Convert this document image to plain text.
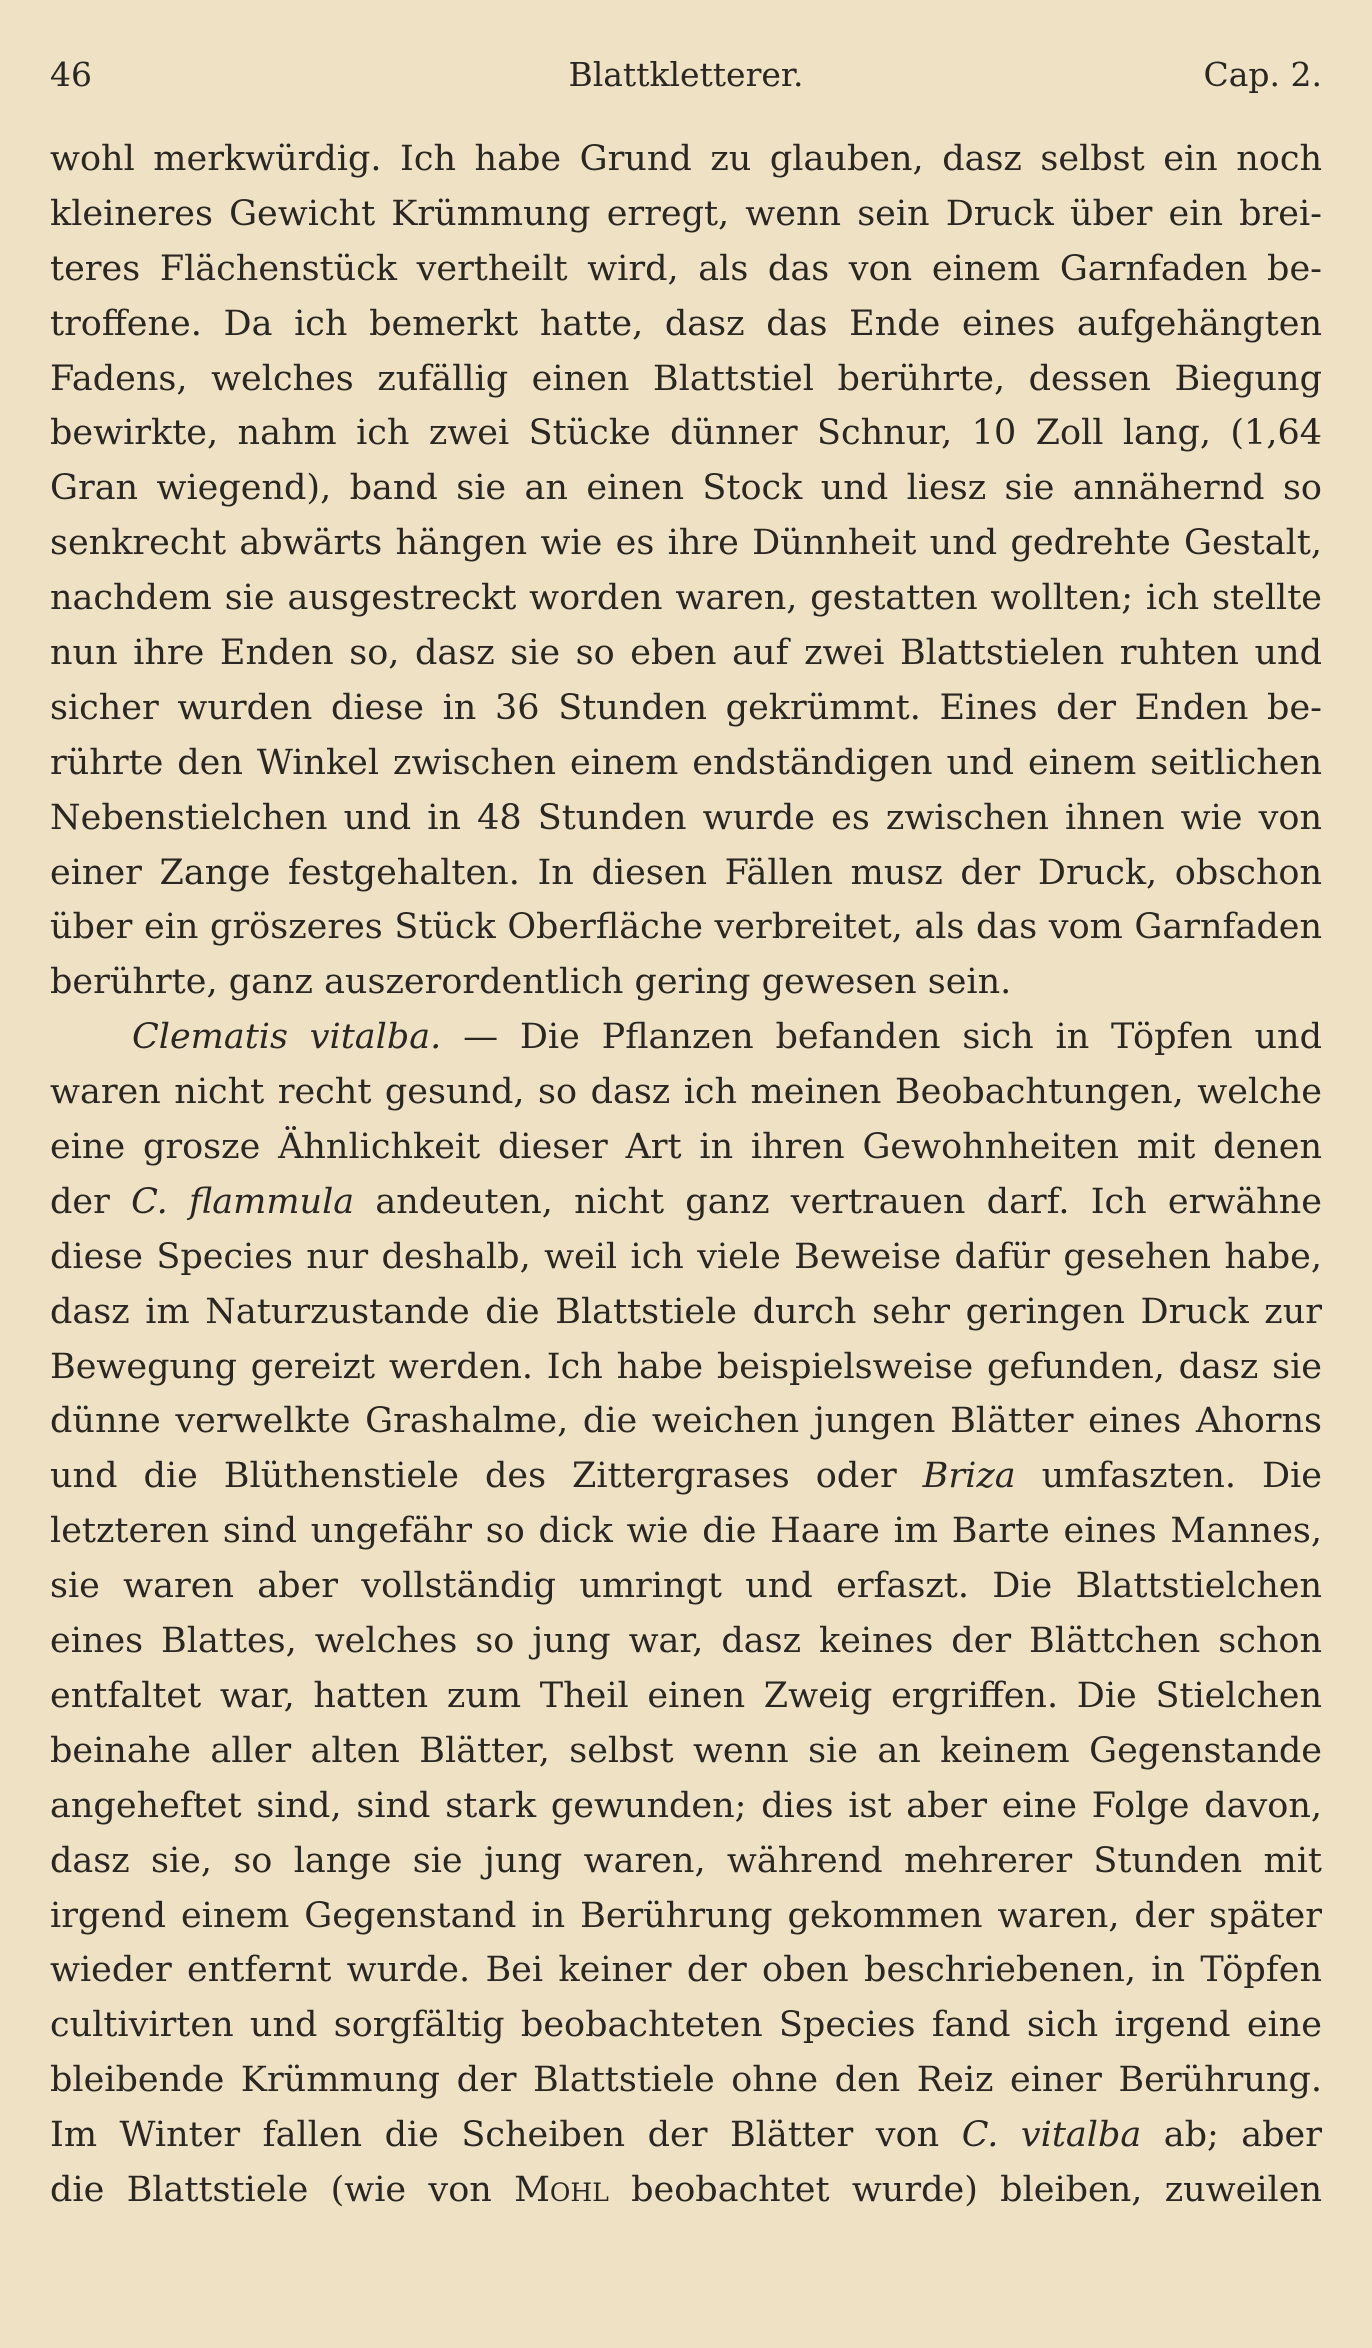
46	Blattkletterer.	Cap. 2.
wohl merkwürdig. Ich habe Grund zu glauben, dasz selbst ein noch
kleineres Gewicht Krümmung erregt, wenn sein Druck über ein brei-
teres Flächenstück vertheilt wird, als das von einem Garnfaden be-
troffene. Da ich bemerkt hatte, dasz das Ende eines aufgehängten
Fadens, welches zufällig einen Blattstiel berührte, dessen Biegung
bewirkte, nahm ich zwei Stücke dünner Schnur, 10 Zoll lang, (1,64
Gran wiegend), band sie an einen Stock und liesz sie annähernd so
senkrecht abwärts hängen wie es ihre Dünnheit und gedrehte Gestalt,
nachdem sie ausgestreckt worden waren, gestatten wollten; ich stellte
nun ihre Enden so, dasz sie so eben auf zwei Blattstielen ruhten und
sicher wurden diese in 36 Stunden gekrümmt. Eines der Enden be-
rührte den Winkel zwischen einem endständigen und einem seitlichen
Nebenstielchen und in 48 Stunden wurde es zwischen ihnen wie von
einer Zange festgehalten. In diesen Fällen musz der Druck, obschon
über ein gröszeres Stück Oberfläche verbreitet, als das vom Garnfaden
berührte, ganz auszerordentlich gering gewesen sein.
Clematis vitalba. — Die Pflanzen befanden sich in Töpfen und
waren nicht recht gesund, so dasz ich meinen Beobachtungen, welche
eine grosze Ähnlichkeit dieser Art in ihren Gewohnheiten mit denen
der C. flammula andeuten, nicht ganz vertrauen darf. Ich erwähne
diese Species nur deshalb, weil ich viele Beweise dafür gesehen habe,
dasz im Naturzustande die Blattstiele durch sehr geringen Druck zur
Bewegung gereizt werden. Ich habe beispielsweise gefunden, dasz sie
dünne verwelkte Grashalme, die weichen jungen Blätter eines Ahorns
und die Blüthenstiele des Zittergrases oder Briza umfaszten. Die
letzteren sind ungefähr so dick wie die Haare im Barte eines Mannes,
sie waren aber vollständig umringt und erfaszt. Die Blattstielchen
eines Blattes, welches so jung war, dasz keines der Blättchen schon
entfaltet war, hatten zum Theil einen Zweig ergriffen. Die Stielchen
beinahe aller alten Blätter, selbst wenn sie an keinem Gegenstande
angeheftet sind, sind stark gewunden; dies ist aber eine Folge davon,
dasz sie, so lange sie jung waren, während mehrerer Stunden mit
irgend einem Gegenstand in Berührung gekommen waren, der später
wieder entfernt wurde. Bei keiner der oben beschriebenen, in Töpfen
cultivirten und sorgfältig beobachteten Species fand sich irgend eine
bleibende Krümmung der Blattstiele ohne den Reiz einer Berührung.
Im Winter fallen die Scheiben der Blätter von C. vitalba ab; aber
die Blattstiele (wie von Mohl beobachtet wurde) bleiben, zuweilen
